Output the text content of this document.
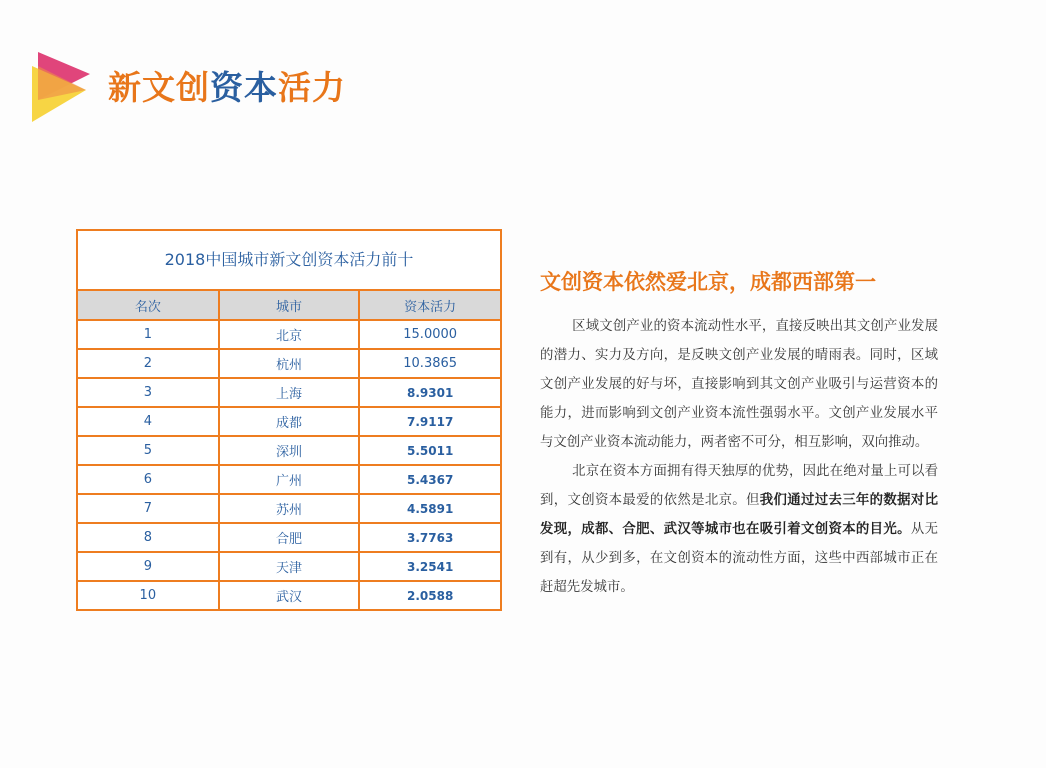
新文创资本活力
2018中国城市新文创资本活力前十
名次	城市	资本活力
1	北京	15.0000
2	杭州	10.3865
3	上海	8.9301
4	成都	7.9117
5	深圳	5.5011
6	广州	5.4367
7	苏州	4.5891
8	合肥	3.7763
9	天津	3.2541
10	武汉	2.0588
文创资本依然爱北京，成都西部第一

区域文创产业的资本流动性水平，直接反映出其文创产业发展的潜力、实力及方向，是反映文创产业发展的晴雨表。同时，区域文创产业发展的好与坏，直接影响到其文创产业吸引与运营资本的能力，进而影响到文创产业资本流性强弱水平。文创产业发展水平与文创产业资本流动能力，两者密不可分，相互影响，双向推动。

北京在资本方面拥有得天独厚的优势，因此在绝对量上可以看到，文创资本最爱的依然是北京。但我们通过过去三年的数据对比发现，成都、合肥、武汉等城市也在吸引着文创资本的目光。从无到有，从少到多，在文创资本的流动性方面，这些中西部城市正在赶超先发城市。
